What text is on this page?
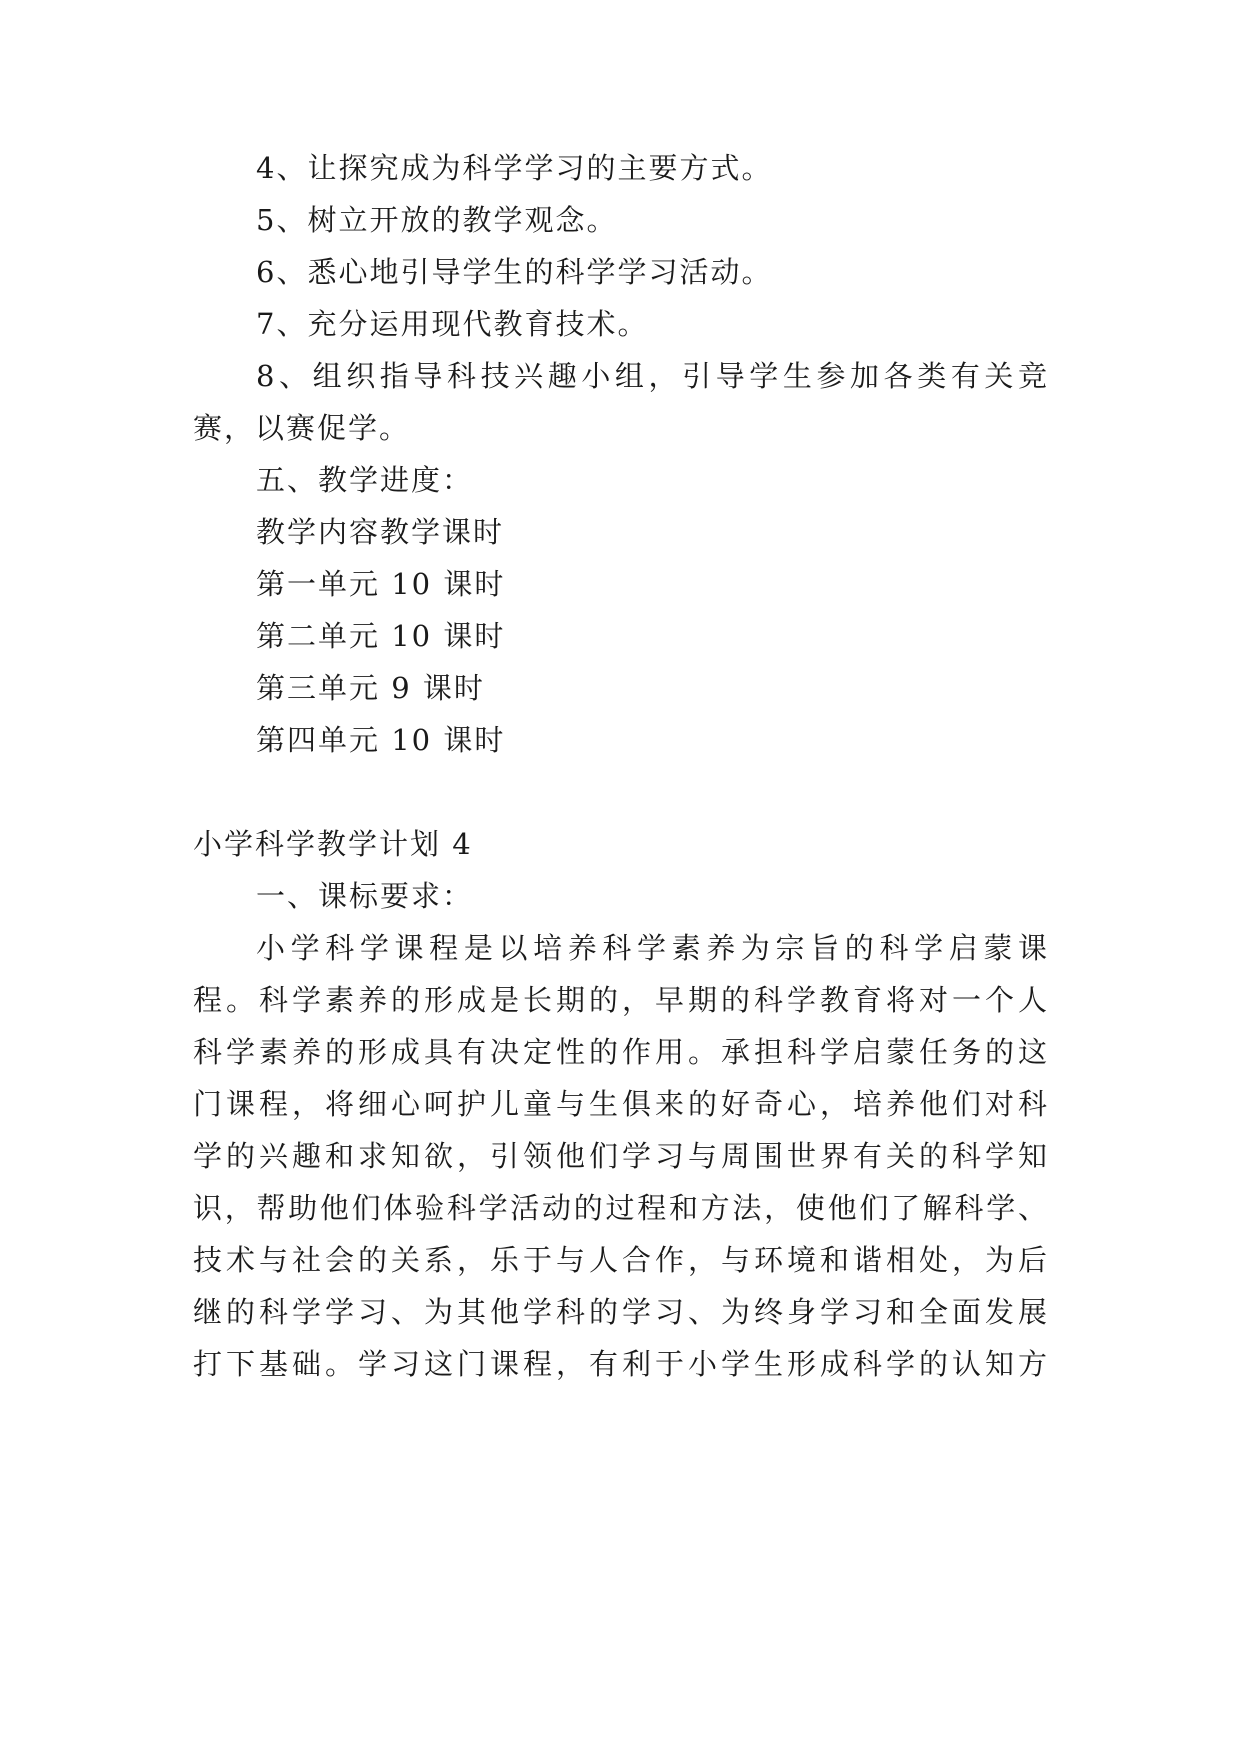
4、让探究成为科学学习的主要方式。
5、树立开放的教学观念。
6、悉心地引导学生的科学学习活动。
7、充分运用现代教育技术。
8、组织指导科技兴趣小组，引导学生参加各类有关竞
赛，以赛促学。
五、教学进度：
教学内容教学课时
第一单元 10 课时
第二单元 10 课时
第三单元 9 课时
第四单元 10 课时
小学科学教学计划 4
一、课标要求：
小学科学课程是以培养科学素养为宗旨的科学启蒙课
程。科学素养的形成是长期的，早期的科学教育将对一个人
科学素养的形成具有决定性的作用。承担科学启蒙任务的这
门课程，将细心呵护儿童与生俱来的好奇心，培养他们对科
学的兴趣和求知欲，引领他们学习与周围世界有关的科学知
识，帮助他们体验科学活动的过程和方法，使他们了解科学、
技术与社会的关系，乐于与人合作，与环境和谐相处，为后
继的科学学习、为其他学科的学习、为终身学习和全面发展
打下基础。学习这门课程，有利于小学生形成科学的认知方
